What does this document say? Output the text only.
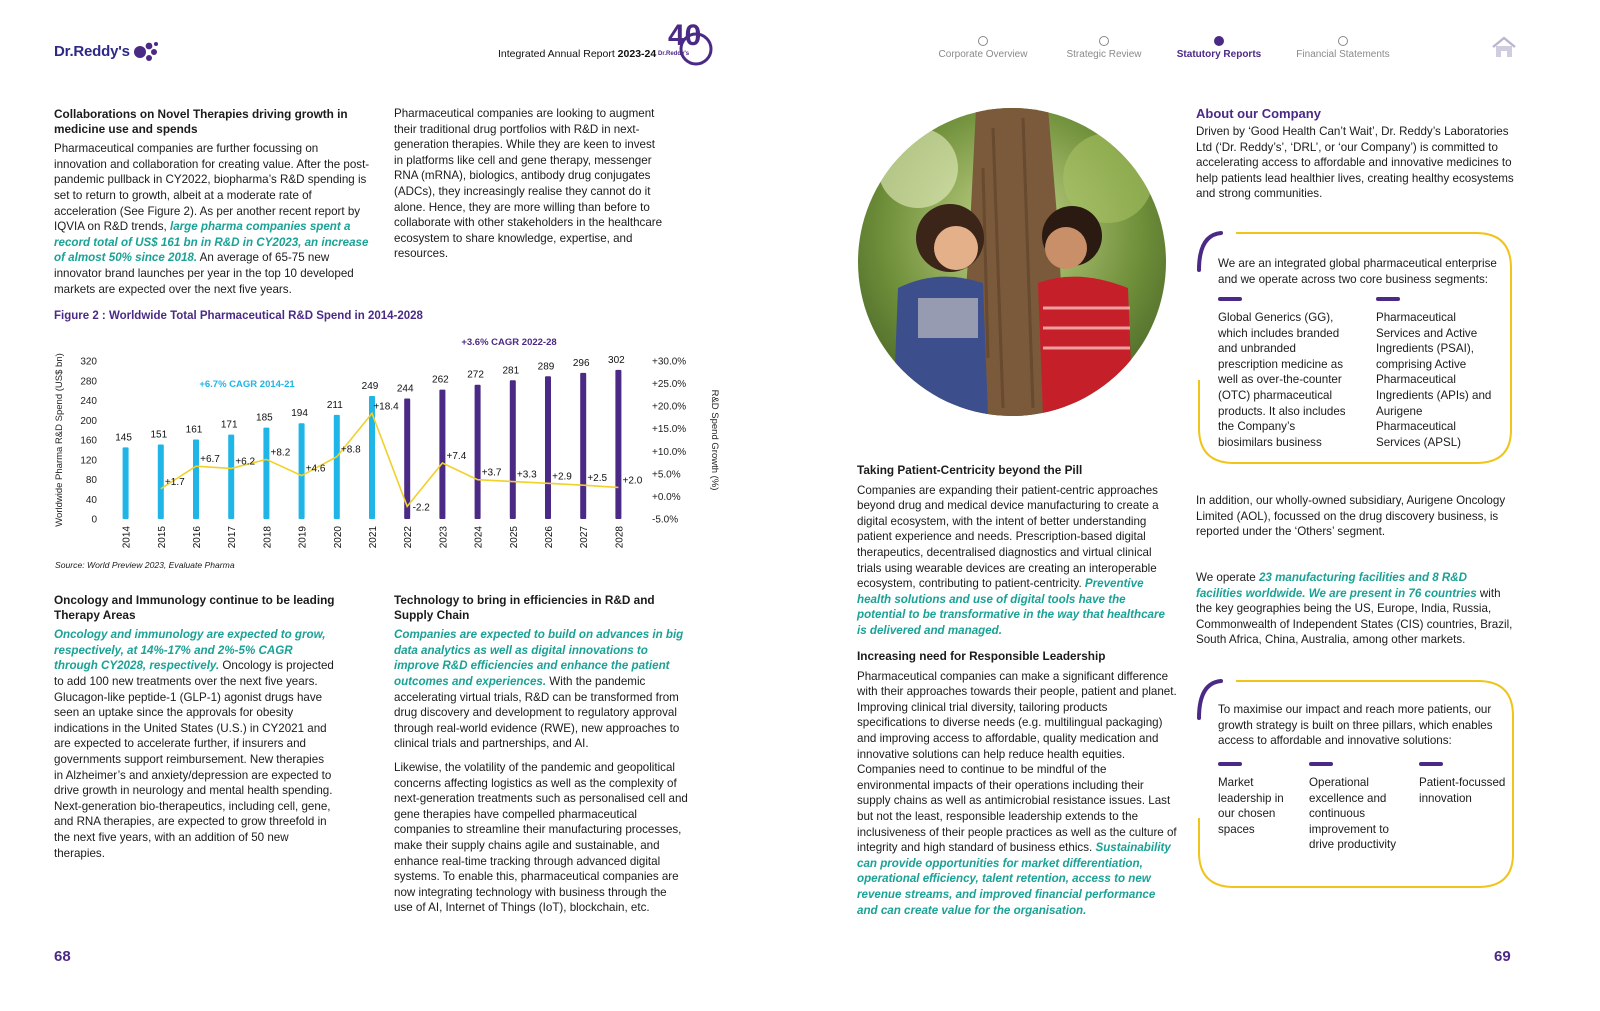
Dr.Reddy's	Integrated Annual Report 2023-24
40
Dr.Reddy's	Corporate Overview	Strategic Review	Statutory Reports	Financial Statements

Collaborations on Novel Therapies driving growth in medicine use and spends

Pharmaceutical companies are further focussing on innovation and collaboration for creating value. After the post-pandemic pullback in CY2022, biopharma’s R&D spending is set to return to growth, albeit at a moderate rate of acceleration (See Figure 2). As per another recent report by IQVIA on R&D trends, large pharma companies spent a record total of US$ 161 bn in R&D in CY2023, an increase of almost 50% since 2018. An average of 65-75 new innovator brand launches per year in the top 10 developed markets are expected over the next five years.

Pharmaceutical companies are looking to augment their traditional drug portfolios with R&D in next-generation therapies. While they are keen to invest in platforms like cell and gene therapy, messenger RNA (mRNA), biologics, antibody drug conjugates (ADCs), they increasingly realise they cannot do it alone. Hence, they are more willing than before to collaborate with other stakeholders in the healthcare ecosystem to share knowledge, expertise, and resources.

Figure 2 : Worldwide Total Pharmaceutical R&D Spend in 2014-2028
0
40
80
120
160
200
240
280
320
-5.0%
+0.0%
+5.0%
+10.0%
+15.0%
+20.0%
+25.0%
+30.0%
Worldwide Pharma R&D Spend (US$ bn)	R&D Spend Growth (%)
145
2014
151
2015
161
2016
171
2017
185
2018
194
2019
211
2020
249
2021
244
2022
262
2023
272
2024
281
2025
289
2026
296
2027
302
2028
+1.7
+6.7 +6.2
+8.2
+4.6
+8.8
+18.4
-2.2
+7.4
+3.7 +3.3 +2.9 +2.5 +2.0
+6.7% CAGR 2014-21
+3.6% CAGR 2022-28
Source: World Preview 2023, Evaluate Pharma

Oncology and Immunology continue to be leading Therapy Areas

Oncology and immunology are expected to grow, respectively, at 14%-17% and 2%-5% CAGR through CY2028, respectively. Oncology is projected to add 100 new treatments over the next five years. Glucagon-like peptide-1 (GLP-1) agonist drugs have seen an uptake since the approvals for obesity indications in the United States (U.S.) in CY2021 and are expected to accelerate further, if insurers and governments support reimbursement. New therapies in Alzheimer’s and anxiety/depression are expected to drive growth in neurology and mental health spending. Next-generation bio-therapeutics, including cell, gene, and RNA therapies, are expected to grow threefold in the next five years, with an addition of 50 new therapies.

Technology to bring in efficiencies in R&D and Supply Chain

Companies are expected to build on advances in big data analytics as well as digital innovations to improve R&D efficiencies and enhance the patient outcomes and experiences. With the pandemic accelerating virtual trials, R&D can be transformed from drug discovery and development to regulatory approval through real-world evidence (RWE), new approaches to clinical trials and partnerships, and AI.

Likewise, the volatility of the pandemic and geopolitical concerns affecting logistics as well as the complexity of next-generation treatments such as personalised cell and gene therapies have compelled pharmaceutical companies to streamline their manufacturing processes, make their supply chains agile and sustainable, and enhance real-time tracking through advanced digital systems. To enable this, pharmaceutical companies are now integrating technology with business through the use of AI, Internet of Things (IoT), blockchain, etc.

68

Taking Patient-Centricity beyond the Pill

Companies are expanding their patient-centric approaches beyond drug and medical device manufacturing to create a digital ecosystem, with the intent of better understanding patient experience and needs. Prescription-based digital therapeutics, decentralised diagnostics and virtual clinical trials using wearable devices are creating an interoperable ecosystem, contributing to patient-centricity. Preventive health solutions and use of digital tools have the potential to be transformative in the way that healthcare is delivered and managed.

Increasing need for Responsible Leadership

Pharmaceutical companies can make a significant difference with their approaches towards their people, patient and planet. Improving clinical trial diversity, tailoring products specifications to diverse needs (e.g. multilingual packaging) and improving access to affordable, quality medication and innovative solutions can help reduce health equities. Companies need to continue to be mindful of the environmental impacts of their operations including their supply chains as well as antimicrobial resistance issues. Last but not the least, responsible leadership extends to the inclusiveness of their people practices as well as the culture of integrity and high standard of business ethics. Sustainability can provide opportunities for market differentiation, operational efficiency, talent retention, access to new revenue streams, and improved financial performance and can create value for the organisation.

About our Company

Driven by ‘Good Health Can’t Wait’, Dr. Reddy’s Laboratories Ltd (‘Dr. Reddy’s’, ‘DRL’, or ‘our Company’) is committed to accelerating access to affordable and innovative medicines to help patients lead healthier lives, creating healthy ecosystems and strong communities.

We are an integrated global pharmaceutical enterprise and we operate across two core business segments:
Global Generics (GG), which includes branded and unbranded prescription medicine as well as over-the-counter (OTC) pharmaceutical products. It also includes the Company’s biosimilars business
Pharmaceutical Services and Active Ingredients (PSAI), comprising Active Pharmaceutical Ingredients (APIs) and Aurigene Pharmaceutical Services (APSL)

In addition, our wholly-owned subsidiary, Aurigene Oncology Limited (AOL), focussed on the drug discovery business, is reported under the ‘Others’ segment.

We operate 23 manufacturing facilities and 8 R&D facilities worldwide. We are present in 76 countries with the key geographies being the US, Europe, India, Russia, Commonwealth of Independent States (CIS) countries, Brazil, South Africa, China, Australia, among other markets.

To maximise our impact and reach more patients, our growth strategy is built on three pillars, which enables access to affordable and innovative solutions:
Market leadership in our chosen spaces
Operational excellence and continuous improvement to drive productivity
Patient-focussed innovation
69
